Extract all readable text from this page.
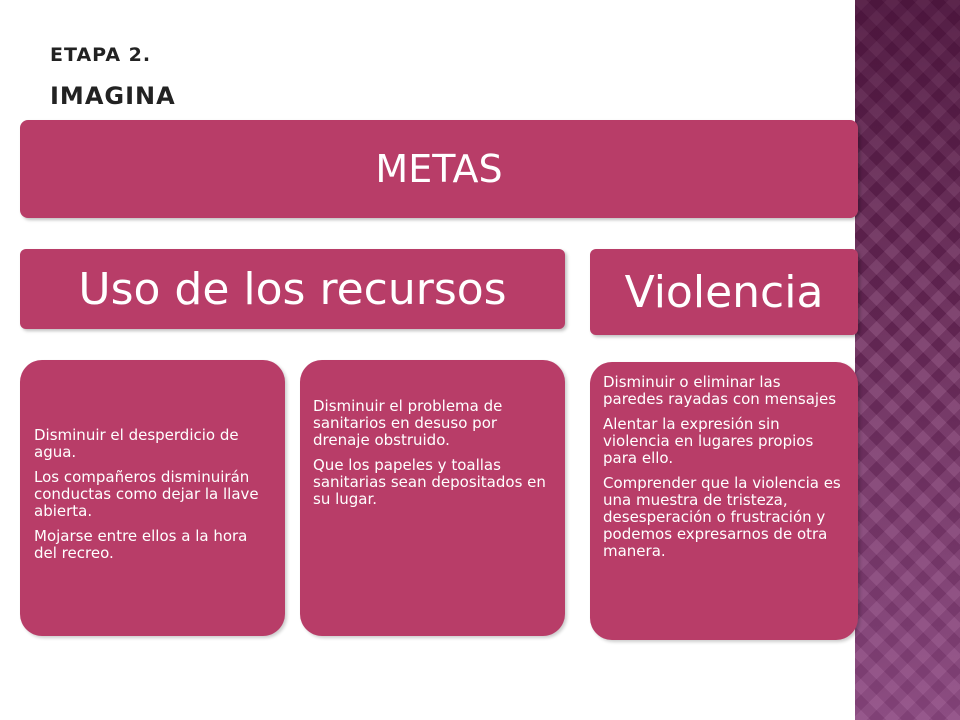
ETAPA 2.
IMAGINA
METAS
Uso de los recursos	Violencia

Disminuir el desperdicio de agua.

Los compañeros disminuirán conductas como dejar la llave abierta.

Mojarse entre ellos a la hora del recreo.

Disminuir el problema de sanitarios en desuso por drenaje obstruido.

Que los papeles y toallas sanitarias sean depositados en su lugar.

Disminuir o eliminar las paredes rayadas con mensajes

Alentar la expresión sin violencia en lugares propios para ello.

Comprender que la violencia es una muestra de tristeza, desesperación o frustración y podemos expresarnos de otra manera.
